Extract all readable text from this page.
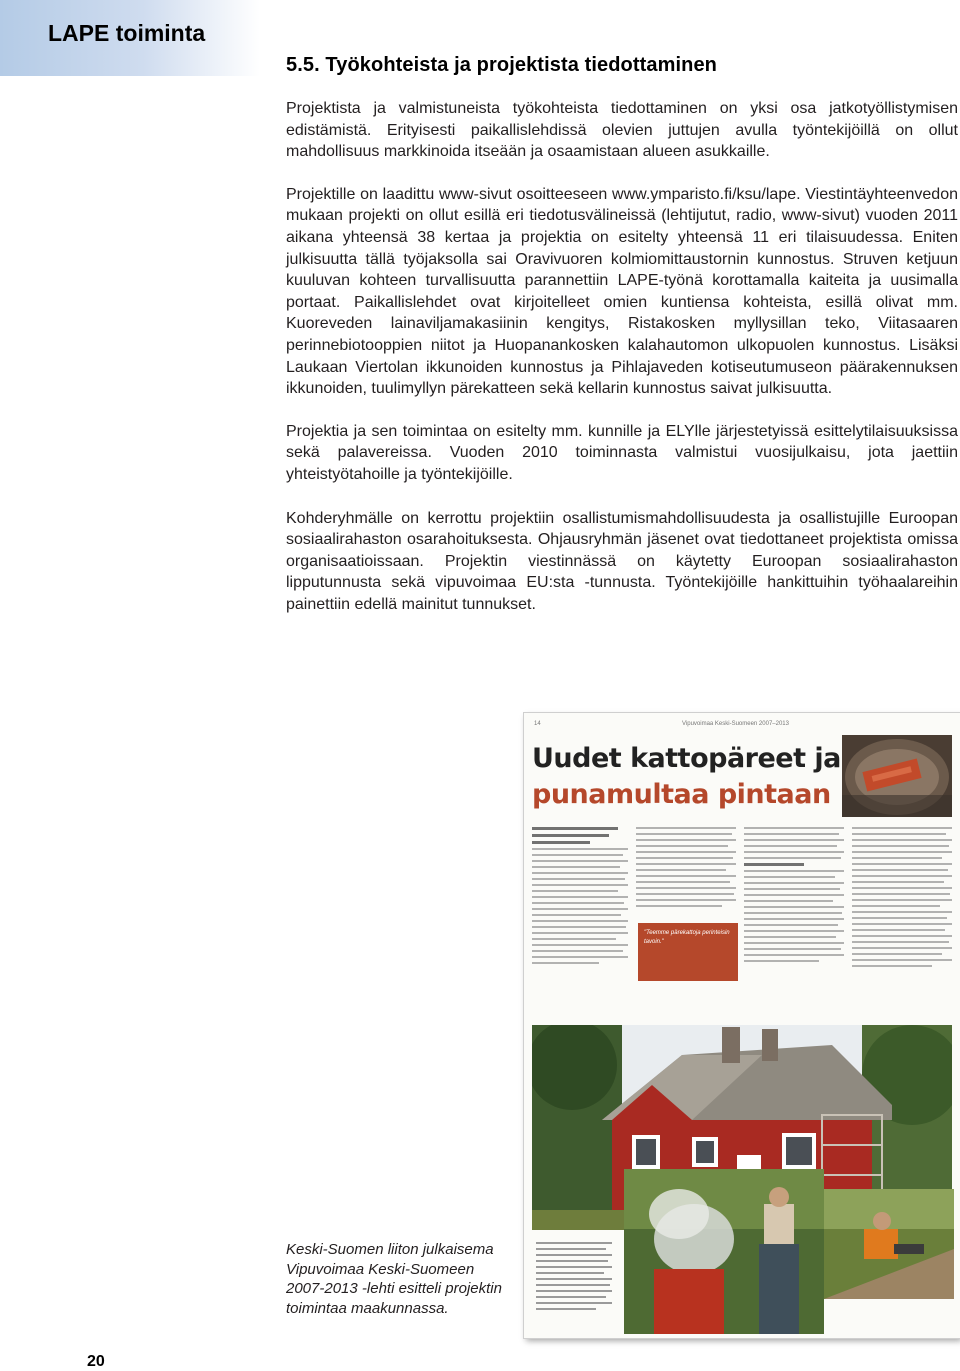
LAPE toiminta
5.5. Työkohteista ja projektista tiedottaminen

Projektista ja valmistuneista työkohteista tiedottaminen on yksi osa jatkotyöllistymisen edistämistä. Erityisesti paikallislehdissä olevien juttujen avulla työntekijöillä on ollut mahdollisuus markkinoida itseään ja osaamistaan alueen asukkaille.

Projektille on laadittu www-sivut osoitteeseen www.ymparisto.fi/ksu/lape. Viestintäyhteenvedon mukaan projekti on ollut esillä eri tiedotusvälineissä (lehtijutut, radio, www-sivut) vuoden 2011 aikana yhteensä 38 kertaa ja projektia on esitelty yhteensä 11 eri tilaisuudessa. Eniten julkisuutta tällä työjaksolla sai Oravivuoren kolmiomittaustornin kunnostus. Struven ketjuun kuuluvan kohteen turvallisuutta parannettiin LAPE-työnä korottamalla kaiteita ja uusimalla portaat. Paikallislehdet ovat kirjoitelleet omien kuntiensa kohteista, esillä olivat mm. Kuoreveden lainaviljamakasiinin kengitys, Ristakosken myllysillan teko, Viitasaaren perinnebiotooppien niitot ja Huopanankosken kalahautomon ulkopuolen kunnostus. Lisäksi Laukaan Viertolan ikkunoiden kunnostus ja Pihlajaveden kotiseutumuseon päärakennuksen ikkunoiden, tuulimyllyn pärekatteen sekä kellarin kunnostus saivat julkisuutta.

Projektia ja sen toimintaa on esitelty mm. kunnille ja ELYlle järjestetyissä esittelytilaisuuksissa sekä palavereissa. Vuoden 2010 toiminnasta valmistui vuosijulkaisu, jota jaettiin yhteistyötahoille ja työntekijöille.

Kohderyhmälle on kerrottu projektiin osallistumismahdollisuudesta ja osallistujille Euroopan sosiaalirahaston osarahoituksesta. Ohjausryhmän jäsenet ovat tiedottaneet projektista omissa organisaatioissaan. Projektin viestinnässä on käytetty Euroopan sosiaalirahaston lipputunnusta sekä vipuvoimaa EU:sta -tunnusta. Työntekijöille hankittuihin työhaalareihin painettiin edellä mainitut tunnukset.

14	Vipuvoimaa Keski-Suomeen 2007–2013
Uudet kattopäreet ja
punamultaa pintaan
"Teemme pärekattoja perinteisin tavoin."
Keski-Suomen liiton julkaisema Vipuvoimaa Keski-Suomeen 2007-2013 -lehti esitteli projektin toimintaa maakunnassa.
20
